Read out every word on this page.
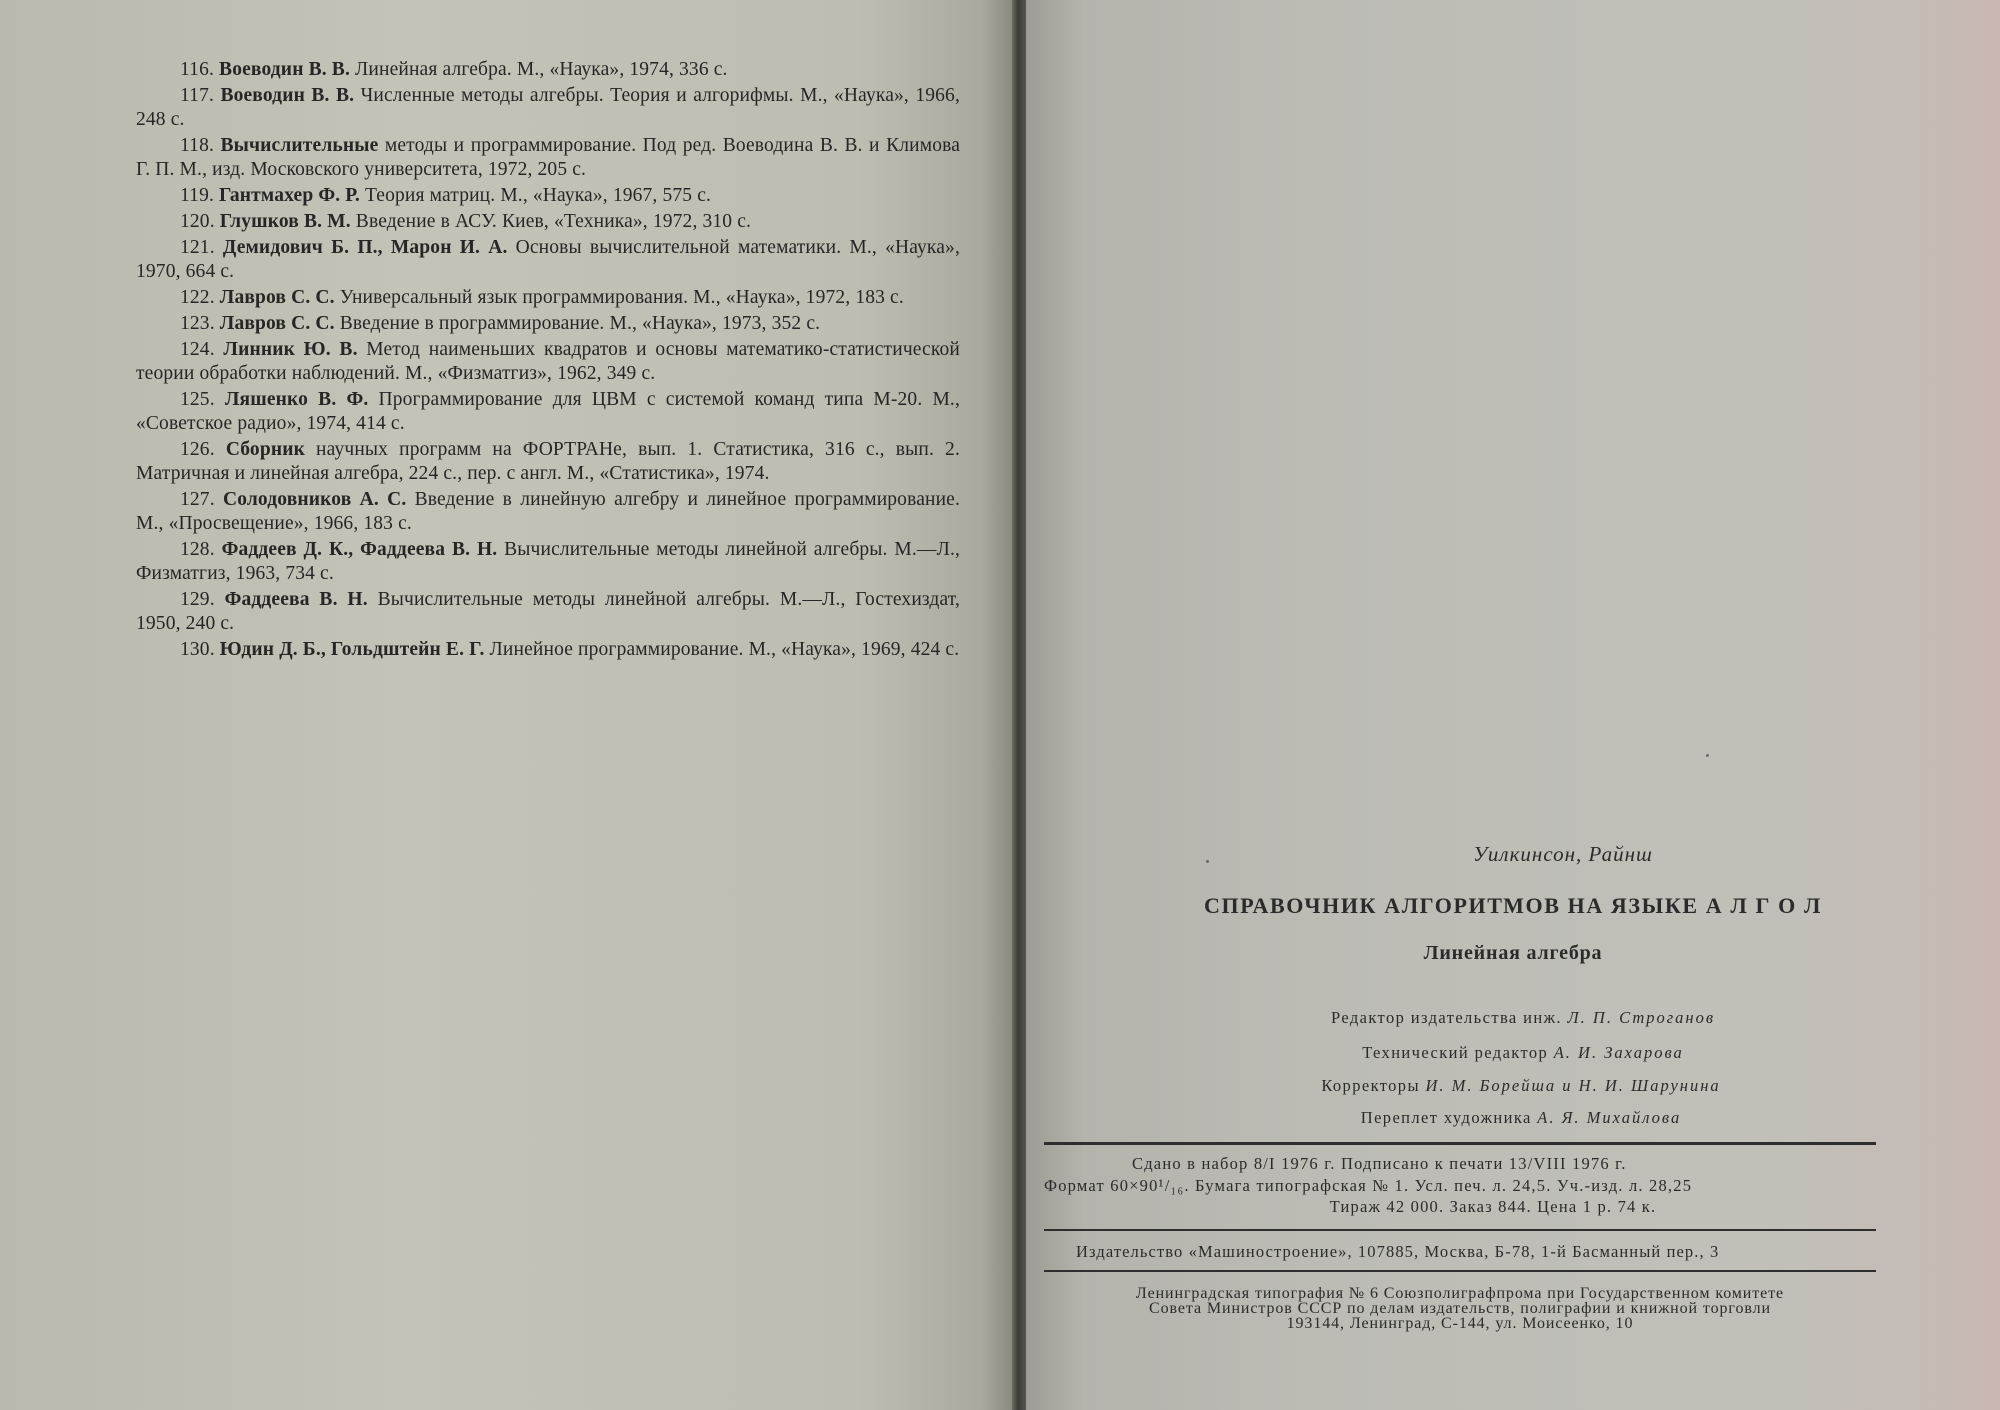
116. Воеводин В. В. Линейная алгебра. М., «Наука», 1974, 336 с.

117. Воеводин В. В. Численные методы алгебры. Теория и алгорифмы. М., «Наука», 1966, 248 с.

118. Вычислительные методы и программирование. Под ред. Воеводина В. В. и Климова Г. П. М., изд. Московского университета, 1972, 205 с.

119. Гантмахер Ф. Р. Теория матриц. М., «Наука», 1967, 575 с.

120. Глушков В. М. Введение в АСУ. Киев, «Техника», 1972, 310 с.

121. Демидович Б. П., Марон И. А. Основы вычислительной математики. М., «Наука», 1970, 664 с.

122. Лавров С. С. Универсальный язык программирования. М., «Наука», 1972, 183 с.

123. Лавров С. С. Введение в программирование. М., «Наука», 1973, 352 с.

124. Линник Ю. В. Метод наименьших квадратов и основы математико-статистической теории обработки наблюдений. М., «Физматгиз», 1962, 349 с.

125. Ляшенко В. Ф. Программирование для ЦВМ с системой команд типа М-20. М., «Советское радио», 1974, 414 с.

126. Сборник научных программ на ФОРТРАНе, вып. 1. Статистика, 316 с., вып. 2. Матричная и линейная алгебра, 224 с., пер. с англ. М., «Статистика», 1974.

127. Солодовников А. С. Введение в линейную алгебру и линейное программирование. М., «Просвещение», 1966, 183 с.

128. Фаддеев Д. К., Фаддеева В. Н. Вычислительные методы линейной алгебры. М.—Л., Физматгиз, 1963, 734 с.

129. Фаддеева В. Н. Вычислительные методы линейной алгебры. М.—Л., Гостехиздат, 1950, 240 с.

130. Юдин Д. Б., Гольдштейн Е. Г. Линейное программирование. М., «Наука», 1969, 424 с.

Уилкинсон, Райнш
СПРАВОЧНИК АЛГОРИТМОВ НА ЯЗЫКЕ А Л Г О Л
Линейная алгебра
Редактор издательства инж. Л. П. Строганов
Технический редактор А. И. Захарова
Корректоры И. М. Борейша и Н. И. Шарунина
Переплет художника А. Я. Михайлова
Сдано в набор 8/I 1976 г. Подписано к печати 13/VIII 1976 г.
Формат 60×90¹/₁₆. Бумага типографская № 1. Усл. печ. л. 24,5. Уч.-изд. л. 28,25
Тираж 42 000. Заказ 844. Цена 1 р. 74 к.
Издательство «Машиностроение», 107885, Москва, Б-78, 1-й Басманный пер., 3
Ленинградская типография № 6 Союзполиграфпрома при Государственном комитете
Совета Министров СССР по делам издательств, полиграфии и книжной торговли
193144, Ленинград, С-144, ул. Моисеенко, 10
